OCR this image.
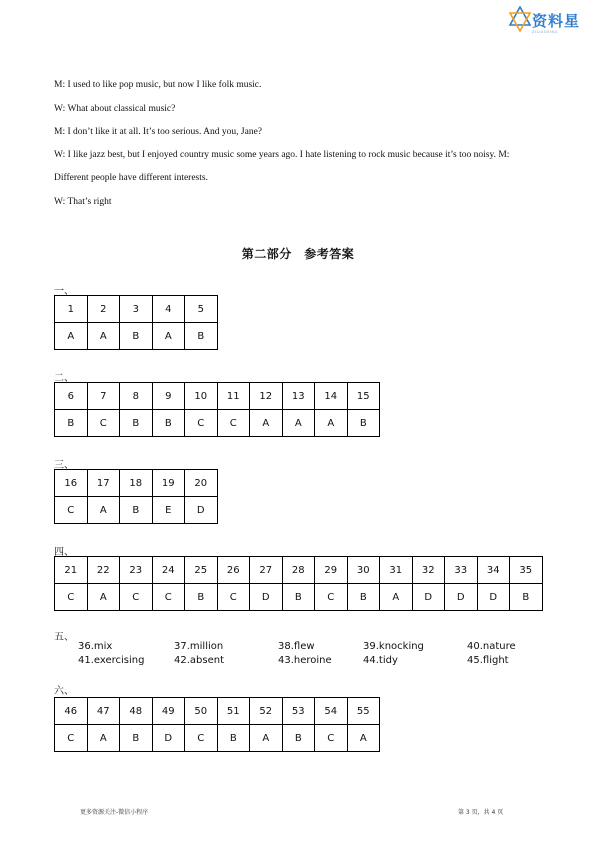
资料星
ZILIAOXING
M: I used to like pop music, but now I like folk music.
W: What about classical music?
M: I don’t like it at all. It’s too serious. And you, Jane?
W: I like jazz best, but I enjoyed country music some years ago. I hate listening to rock music because it’s too noisy. M:
Different people have different interests.
W: That’s right
第二部分　参考答案
一、
1	2	3	4	5
A	A	B	A	B
二、
6	7	8	9	10	11	12	13	14	15
B	C	B	B	C	C	A	A	A	B
三、
16	17	18	19	20
C	A	B	E	D
四、
21	22	23	24	25	26	27	28	29	30	31	32	33	34	35
C	A	C	C	B	C	D	B	C	B	A	D	D	D	B
五、
36.mix	37.million	38.flew	39.knocking	40.nature
41.exercising	42.absent	43.heroine	44.tidy	45.flight
六、
46	47	48	49	50	51	52	53	54	55
C	A	B	D	C	B	A	B	C	A
更多资源关注-微信小程序	第 3 页，共 4 页
